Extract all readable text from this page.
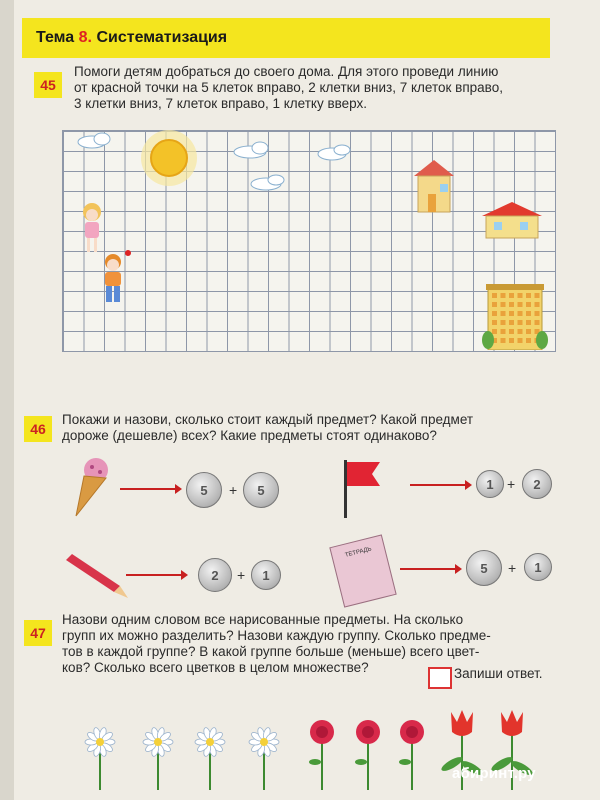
Тема 8. Систематизация
45
Помоги детям добраться до своего дома. Для этого проведи линию
от красной точки на 5 клеток вправо, 2 клетки вниз, 7 клеток вправо,
3 клетки вниз, 7 клеток вправо, 1 клетку вверх.
46
Покажи и назови, сколько стоит каждый предмет? Какой предмет
дороже (дешевле) всех? Какие предметы стоят одинаково?
5	+	5	1 +	2
2	+	1
ТЕТРАДЬ
5	+	1
47
Назови одним словом все нарисованные предметы. На сколько
групп их можно разделить? Назови каждую группу. Сколько предме-
тов в каждой группе? В какой группе больше (меньше) всего цвет-
ков? Сколько всего цветков в целом множестве?	Запиши ответ.
абиринт.ру
